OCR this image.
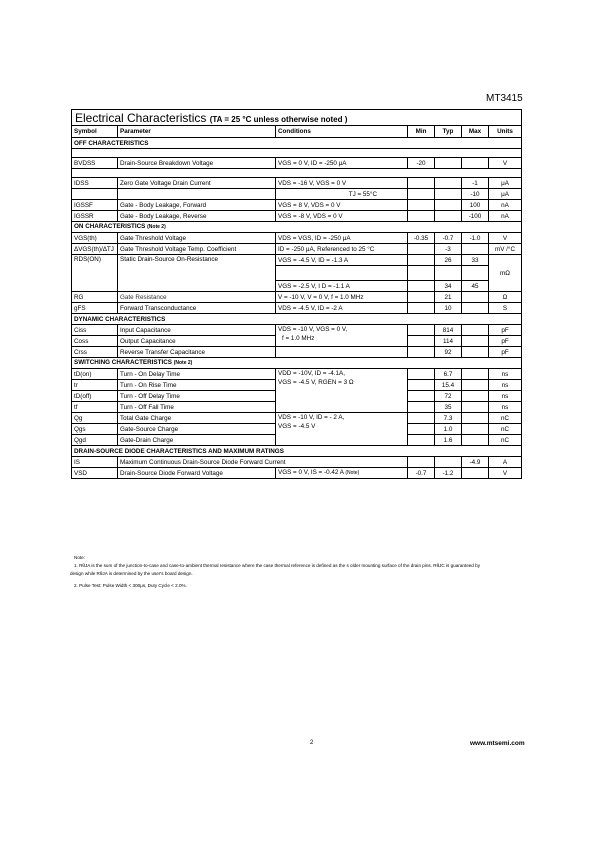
MT3415
Electrical Characteristics (TA = 25 °C unless otherwise noted )
Symbol	Parameter	Conditions	Min	Typ	Max	Units
OFF CHARACTERISTICS						

BVDSS	Drain-Source Breakdown Voltage	VGS = 0 V, ID = -250 μA	-20			V

IDSS	Zero Gate Voltage Drain Current	VDS = -16 V, VGS = 0 V			-1	μA
		TJ = 55°C			-10	μA
IGSSF	Gate - Body Leakage, Forward	VGS = 8 V, VDS = 0 V			100	nA
IGSSR	Gate - Body Leakage, Reverse	VGS = -8 V, VDS = 0 V			-100	nA
ON CHARACTERISTICS (Note 2)						
VGS(th)	Gate Threshold Voltage	VDS = VGS, ID = -250 μA	-0.35	-0.7	-1.0	V
ΔVGS(th)/ΔTJ	Gate Threshold Voltage Temp. Coefficient	ID = -250 μA, Referenced to 25 °C		-3		mV /°C
RDS(ON)	Static Drain-Source On-Resistance	VGS = -4.5 V, ID = -1.3 A		26	33	mΩ

		VGS = -2.5 V, I D = -1.1 A		34	45	
RG	Gate Resistance	V = -10 V, V = 0 V, f = 1.0 MHz		21		Ω
gFS	Forward Transconductance	VDS = -4.5 V, ID = -2 A		10		S
DYNAMIC CHARACTERISTICS						
Ciss	Input Capacitance	VDS = -10 V, VGS = 0 V,
f = 1.0 MHz		814		pF
Coss	Output Capacitance			114		pF
Crss	Reverse Transfer Capacitance			92		pF
SWITCHING CHARACTERISTICS (Note 2)						
tD(on)	Turn - On Delay Time	VDD = -10V, ID = -4.1A,
VGS = -4.5 V, RGEN = 3 Ω		6.7		ns
tr	Turn - On Rise Time			15.4		ns
tD(off)	Turn - Off Delay Time			72		ns
tf	Turn - Off Fall Time			35		ns
Qg	Total Gate Charge	VDS = -10 V, ID = - 2 A,
VGS = -4.5 V		7.3		nC
Qgs	Gate-Source Charge			1.0		nC
Qgd	Gate-Drain Charge			1.6		nC
DRAIN-SOURCE DIODE CHARACTERISTICS AND MAXIMUM RATINGS						
IS	Maximum Continuous Drain-Source Diode Forward Current				-4.9	A
VSD	Drain-Source Diode Forward Voltage	VGS = 0 V, IS = -0.42 A (Note)	-0.7	-1.2		V
Note:
1. RθJA is the sum of the junction-to-case and case-to-ambient thermal resistance where the case thermal reference is defined as the s older mounting surface of the drain pins. RθJC is guaranteed by
design while RθJA is determined by the user's board design.
2. Pulse Test: Pulse Width < 300μs, Duty Cycle < 2.0%.
2	www.mtsemi.com
